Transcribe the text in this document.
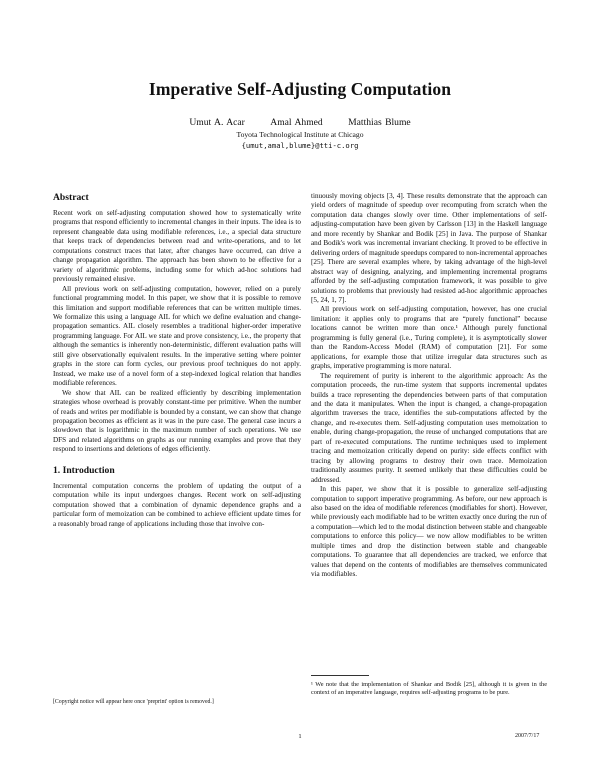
Imperative Self-Adjusting Computation
Umut A. Acar	Amal Ahmed	Matthias Blume
Toyota Technological Institute at Chicago
{umut,amal,blume}@tti-c.org
Abstract

Recent work on self-adjusting computation showed how to systematically write programs that respond efficiently to incremental changes in their inputs. The idea is to represent changeable data using modifiable references, i.e., a special data structure that keeps track of dependencies between read and write-operations, and to let computations construct traces that later, after changes have occurred, can drive a change propagation algorithm. The approach has been shown to be effective for a variety of algorithmic problems, including some for which ad-hoc solutions had previously remained elusive.

All previous work on self-adjusting computation, however, relied on a purely functional programming model. In this paper, we show that it is possible to remove this limitation and support modifiable references that can be written multiple times. We formalize this using a language AIL for which we define evaluation and change-propagation semantics. AIL closely resembles a traditional higher-order imperative programming language. For AIL we state and prove consistency, i.e., the property that although the semantics is inherently non-deterministic, different evaluation paths will still give observationally equivalent results. In the imperative setting where pointer graphs in the store can form cycles, our previous proof techniques do not apply. Instead, we make use of a novel form of a step-indexed logical relation that handles modifiable references.

We show that AIL can be realized efficiently by describing implementation strategies whose overhead is provably constant-time per primitive. When the number of reads and writes per modifiable is bounded by a constant, we can show that change propagation becomes as efficient as it was in the pure case. The general case incurs a slowdown that is logarithmic in the maximum number of such operations. We use DFS and related algorithms on graphs as our running examples and prove that they respond to insertions and deletions of edges efficiently.

1. Introduction

Incremental computation concerns the problem of updating the output of a computation while its input undergoes changes. Recent work on self-adjusting computation showed that a combination of dynamic dependence graphs and a particular form of memoization can be combined to achieve efficient update times for a reasonably broad range of applications including those that involve con-

tinuously moving objects [3, 4]. These results demonstrate that the approach can yield orders of magnitude of speedup over recomputing from scratch when the computation data changes slowly over time. Other implementations of self-adjusting-computation have been given by Carlsson [13] in the Haskell language and more recently by Shankar and Bodik [25] in Java. The purpose of Shankar and Bodik's work was incremental invariant checking. It proved to be effective in delivering orders of magnitude speedups compared to non-incremental approaches [25]. There are several examples where, by taking advantage of the high-level abstract way of designing, analyzing, and implementing incremental programs afforded by the self-adjusting computation framework, it was possible to give solutions to problems that previously had resisted ad-hoc algorithmic approaches [5, 24, 1, 7].

All previous work on self-adjusting computation, however, has one crucial limitation: it applies only to programs that are “purely functional” because locations cannot be written more than once.¹ Although purely functional programming is fully general (i.e., Turing complete), it is asymptotically slower than the Random-Access Model (RAM) of computation [21]. For some applications, for example those that utilize irregular data structures such as graphs, imperative programming is more natural.

The requirement of purity is inherent to the algorithmic approach: As the computation proceeds, the run-time system that supports incremental updates builds a trace representing the dependencies between parts of that computation and the data it manipulates. When the input is changed, a change-propagation algorithm traverses the trace, identifies the sub-computations affected by the change, and re-executes them. Self-adjusting computation uses memoization to enable, during change-propagation, the reuse of unchanged computations that are part of re-executed computations. The runtime techniques used to implement tracing and memoization critically depend on purity: side effects conflict with tracing by allowing programs to destroy their own trace. Memoization traditionally assumes purity. It seemed unlikely that these difficulties could be addressed.

In this paper, we show that it is possible to generalize self-adjusting computation to support imperative programming. As before, our new approach is also based on the idea of modifiable references (modifiables for short). However, while previously each modifiable had to be written exactly once during the run of a computation—which led to the modal distinction between stable and changeable computations to enforce this policy— we now allow modifiables to be written multiple times and drop the distinction between stable and changeable computations. To guarantee that all dependencies are tracked, we enforce that values that depend on the contents of modifiables are themselves communicated via modifiables.

¹ We note that the implementation of Shankar and Bodik [25], although it is given in the context of an imperative language, requires self-adjusting programs to be pure.
[Copyright notice will appear here once 'preprint' option is removed.]
1	2007/7/17
